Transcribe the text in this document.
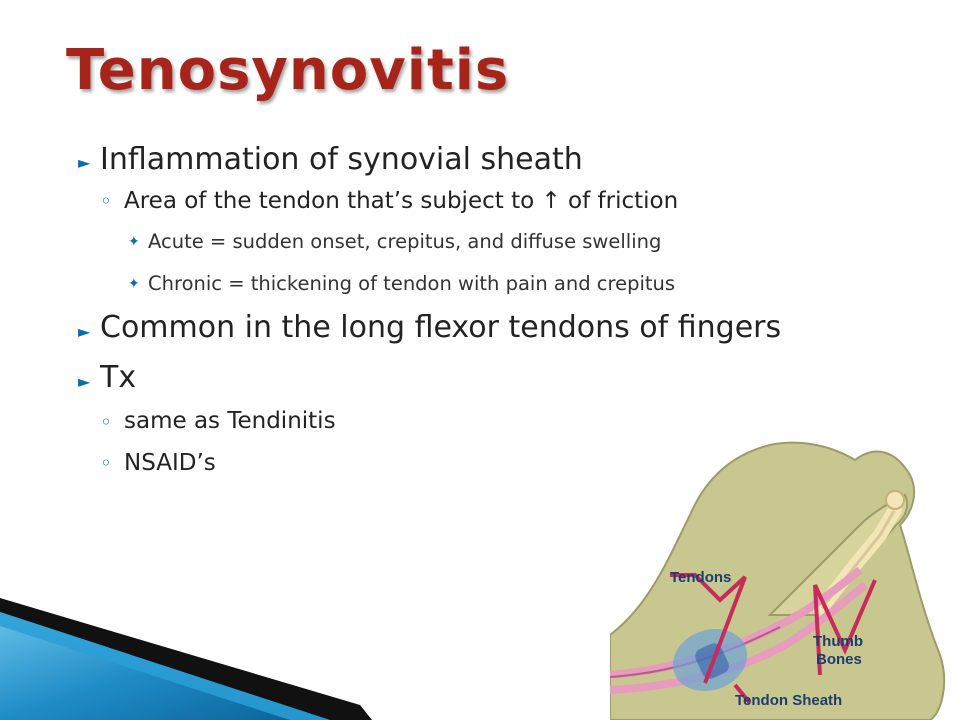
Tenosynovitis
► Inflammation of synovial sheath
◦ Area of the tendon that’s subject to ↑ of friction
✦ Acute = sudden onset, crepitus, and diffuse swelling
✦ Chronic = thickening of tendon with pain and crepitus
► Common in the long flexor tendons of fingers
► Tx
◦ same as Tendinitis
◦ NSAID’s
Tendons
Thumb
Bones
Tendon Sheath
